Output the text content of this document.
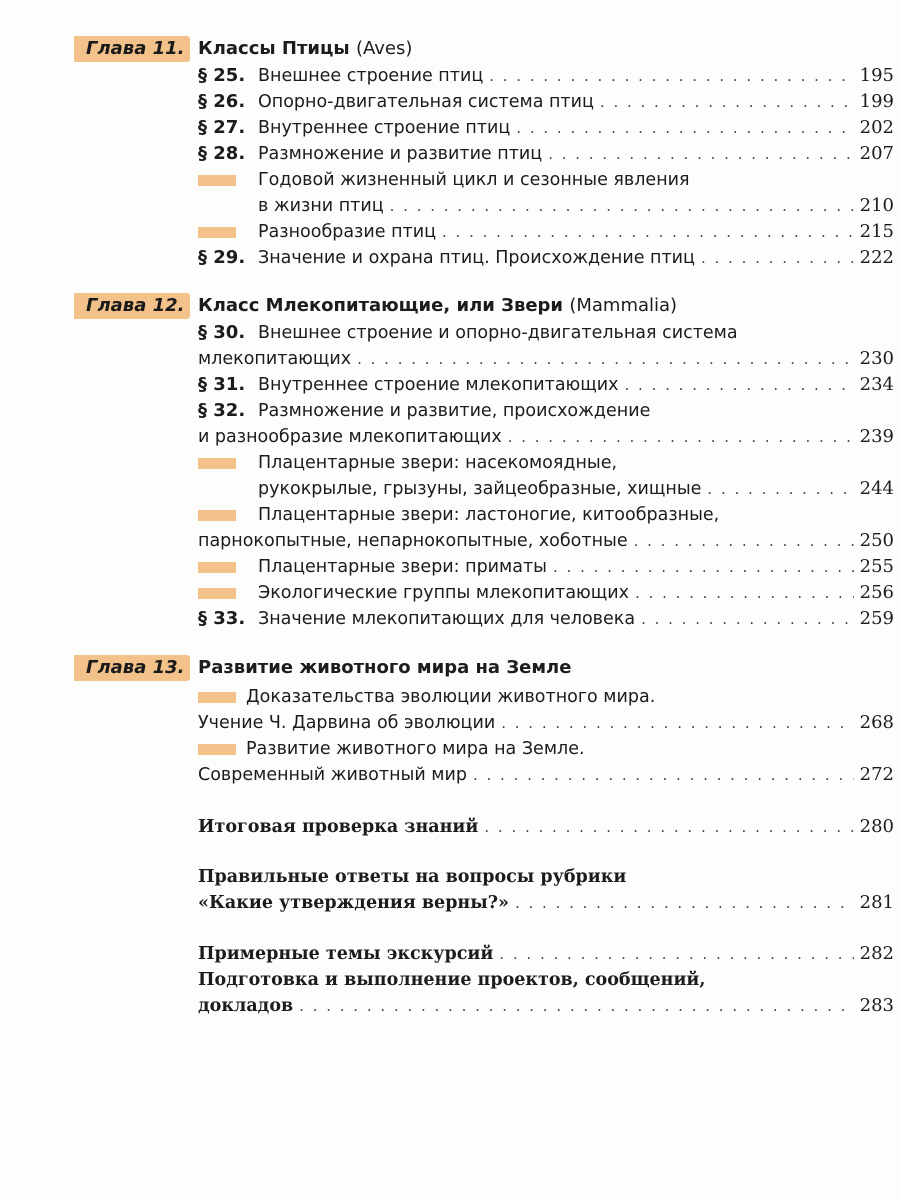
Глава 11. Классы Птицы (Aves)
§ 25. Внешнее строение птиц . . .	195
§ 26. Опорно-двигательная система птиц . . .	199
§ 27. Внутреннее строение птиц . . .	202
§ 28. Размножение и развитие птиц . . .	207
Годовой жизненный цикл и сезонные явления
в жизни птиц . . .	210
Разнообразие птиц . . .	215
§ 29. Значение и охрана птиц. Происхождение птиц . . .	222
Глава 12. Класс Млекопитающие, или Звери (Mammalia)
§ 30. Внешнее строение и опорно-двигательная система
млекопитающих . . .	230
§ 31. Внутреннее строение млекопитающих . . .	234
§ 32. Размножение и развитие, происхождение
и разнообразие млекопитающих . . .	239
Плацентарные звери: насекомоядные,
рукокрылые, грызуны, зайцеобразные, хищные . . .	244
Плацентарные звери: ластоногие, китообразные,
парнокопытные, непарнокопытные, хоботные . . .	250
Плацентарные звери: приматы . . .	255
Экологические группы млекопитающих . . .	256
§ 33. Значение млекопитающих для человека . . .	259
Глава 13. Развитие животного мира на Земле
Доказательства эволюции животного мира.
Учение Ч. Дарвина об эволюции . . .	268
Развитие животного мира на Земле.
Современный животный мир . . .	272
Итоговая проверка знаний . . .	280
Правильные ответы на вопросы рубрики
«Какие утверждения верны?» . . .	281
Примерные темы экскурсий . . .	282
Подготовка и выполнение проектов, сообщений,
докладов . . .	283
